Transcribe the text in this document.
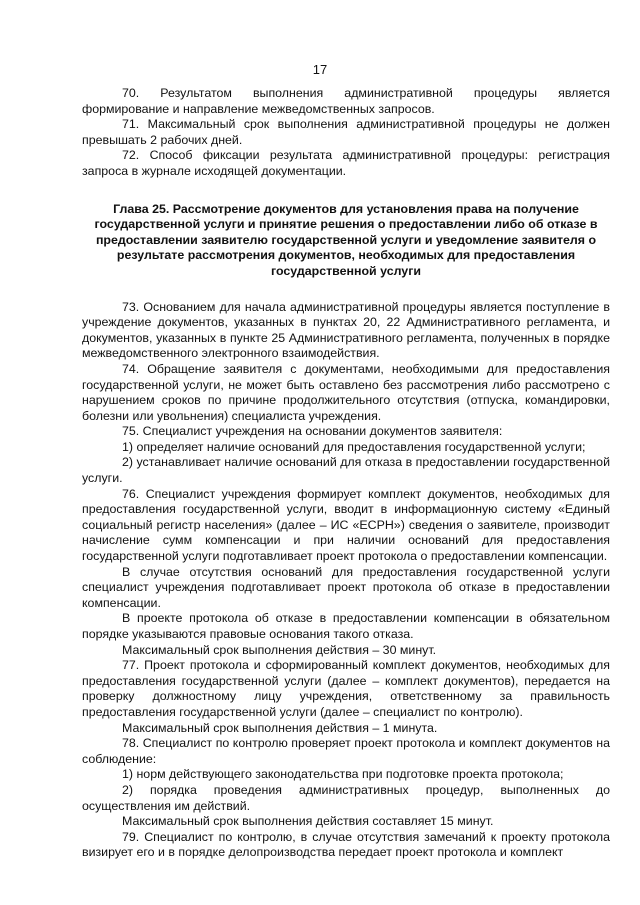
17

70. Результатом выполнения административной процедуры является формирование и направление межведомственных запросов.

71. Максимальный срок выполнения административной процедуры не должен превышать 2 рабочих дней.

72. Способ фиксации результата административной процедуры: регистрация запроса в журнале исходящей документации.

Глава 25. Рассмотрение документов для установления права на получение государственной услуги и принятие решения о предоставлении либо об отказе в предоставлении заявителю государственной услуги и уведомление заявителя о результате рассмотрения документов, необходимых для предоставления государственной услуги

73. Основанием для начала административной процедуры является поступление в учреждение документов, указанных в пунктах 20, 22 Административного регламента, и документов, указанных в пункте 25 Административного регламента, полученных в порядке межведомственного электронного взаимодействия.

74. Обращение заявителя с документами, необходимыми для предоставления государственной услуги, не может быть оставлено без рассмотрения либо рассмотрено с нарушением сроков по причине продолжительного отсутствия (отпуска, командировки, болезни или увольнения) специалиста учреждения.

75. Специалист учреждения на основании документов заявителя:

1) определяет наличие оснований для предоставления государственной услуги;

2) устанавливает наличие оснований для отказа в предоставлении государственной услуги.

76. Специалист учреждения формирует комплект документов, необходимых для предоставления государственной услуги, вводит в информационную систему «Единый социальный регистр населения» (далее – ИС «ЕСРН») сведения о заявителе, производит начисление сумм компенсации и при наличии оснований для предоставления государственной услуги подготавливает проект протокола о предоставлении компенсации.

В случае отсутствия оснований для предоставления государственной услуги специалист учреждения подготавливает проект протокола об отказе в предоставлении компенсации.

В проекте протокола об отказе в предоставлении компенсации в обязательном порядке указываются правовые основания такого отказа.

Максимальный срок выполнения действия – 30 минут.

77. Проект протокола и сформированный комплект документов, необходимых для предоставления государственной услуги (далее – комплект документов), передается на проверку должностному лицу учреждения, ответственному за правильность предоставления государственной услуги (далее – специалист по контролю).

Максимальный срок выполнения действия – 1 минута.

78. Специалист по контролю проверяет проект протокола и комплект документов на соблюдение:

1) норм действующего законодательства при подготовке проекта протокола;

2) порядка проведения административных процедур, выполненных до осуществления им действий.

Максимальный срок выполнения действия составляет 15 минут.

79. Специалист по контролю, в случае отсутствия замечаний к проекту протокола визирует его и в порядке делопроизводства передает проект протокола и комплект
